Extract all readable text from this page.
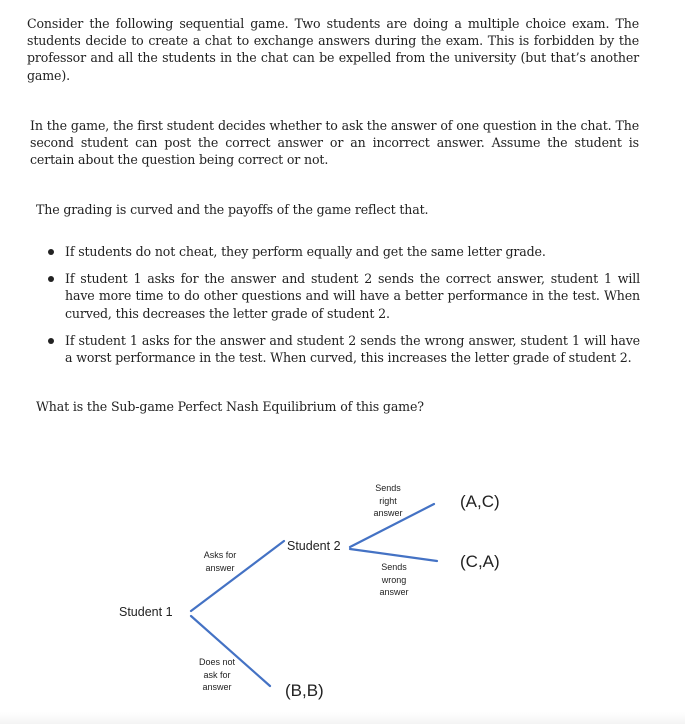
Consider the following sequential game. Two students are doing a multiple choice exam. The students decide to create a chat to exchange answers during the exam. This is forbidden by the professor and all the students in the chat can be expelled from the university (but that’s another game).

In the game, the first student decides whether to ask the answer of one question in the chat. The second student can post the correct answer or an incorrect answer. Assume the student is certain about the question being correct or not.

The grading is curved and the payoffs of the game reflect that.

If students do not cheat, they perform equally and get the same letter grade.
If student 1 asks for the answer and student 2 sends the correct answer, student 1 will have more time to do other questions and will have a better performance in the test. When curved, this decreases the letter grade of student 2.
If student 1 asks for the answer and student 2 sends the wrong answer, student 1 will have a worst performance in the test. When curved, this increases the letter grade of student 2.

What is the Sub-game Perfect Nash Equilibrium of this game?

Student 1
Student 2
Asks for
answer
Does not
ask for
answer
Sends
right
answer
Sends
wrong
answer
(A,C)
(C,A)
(B,B)
